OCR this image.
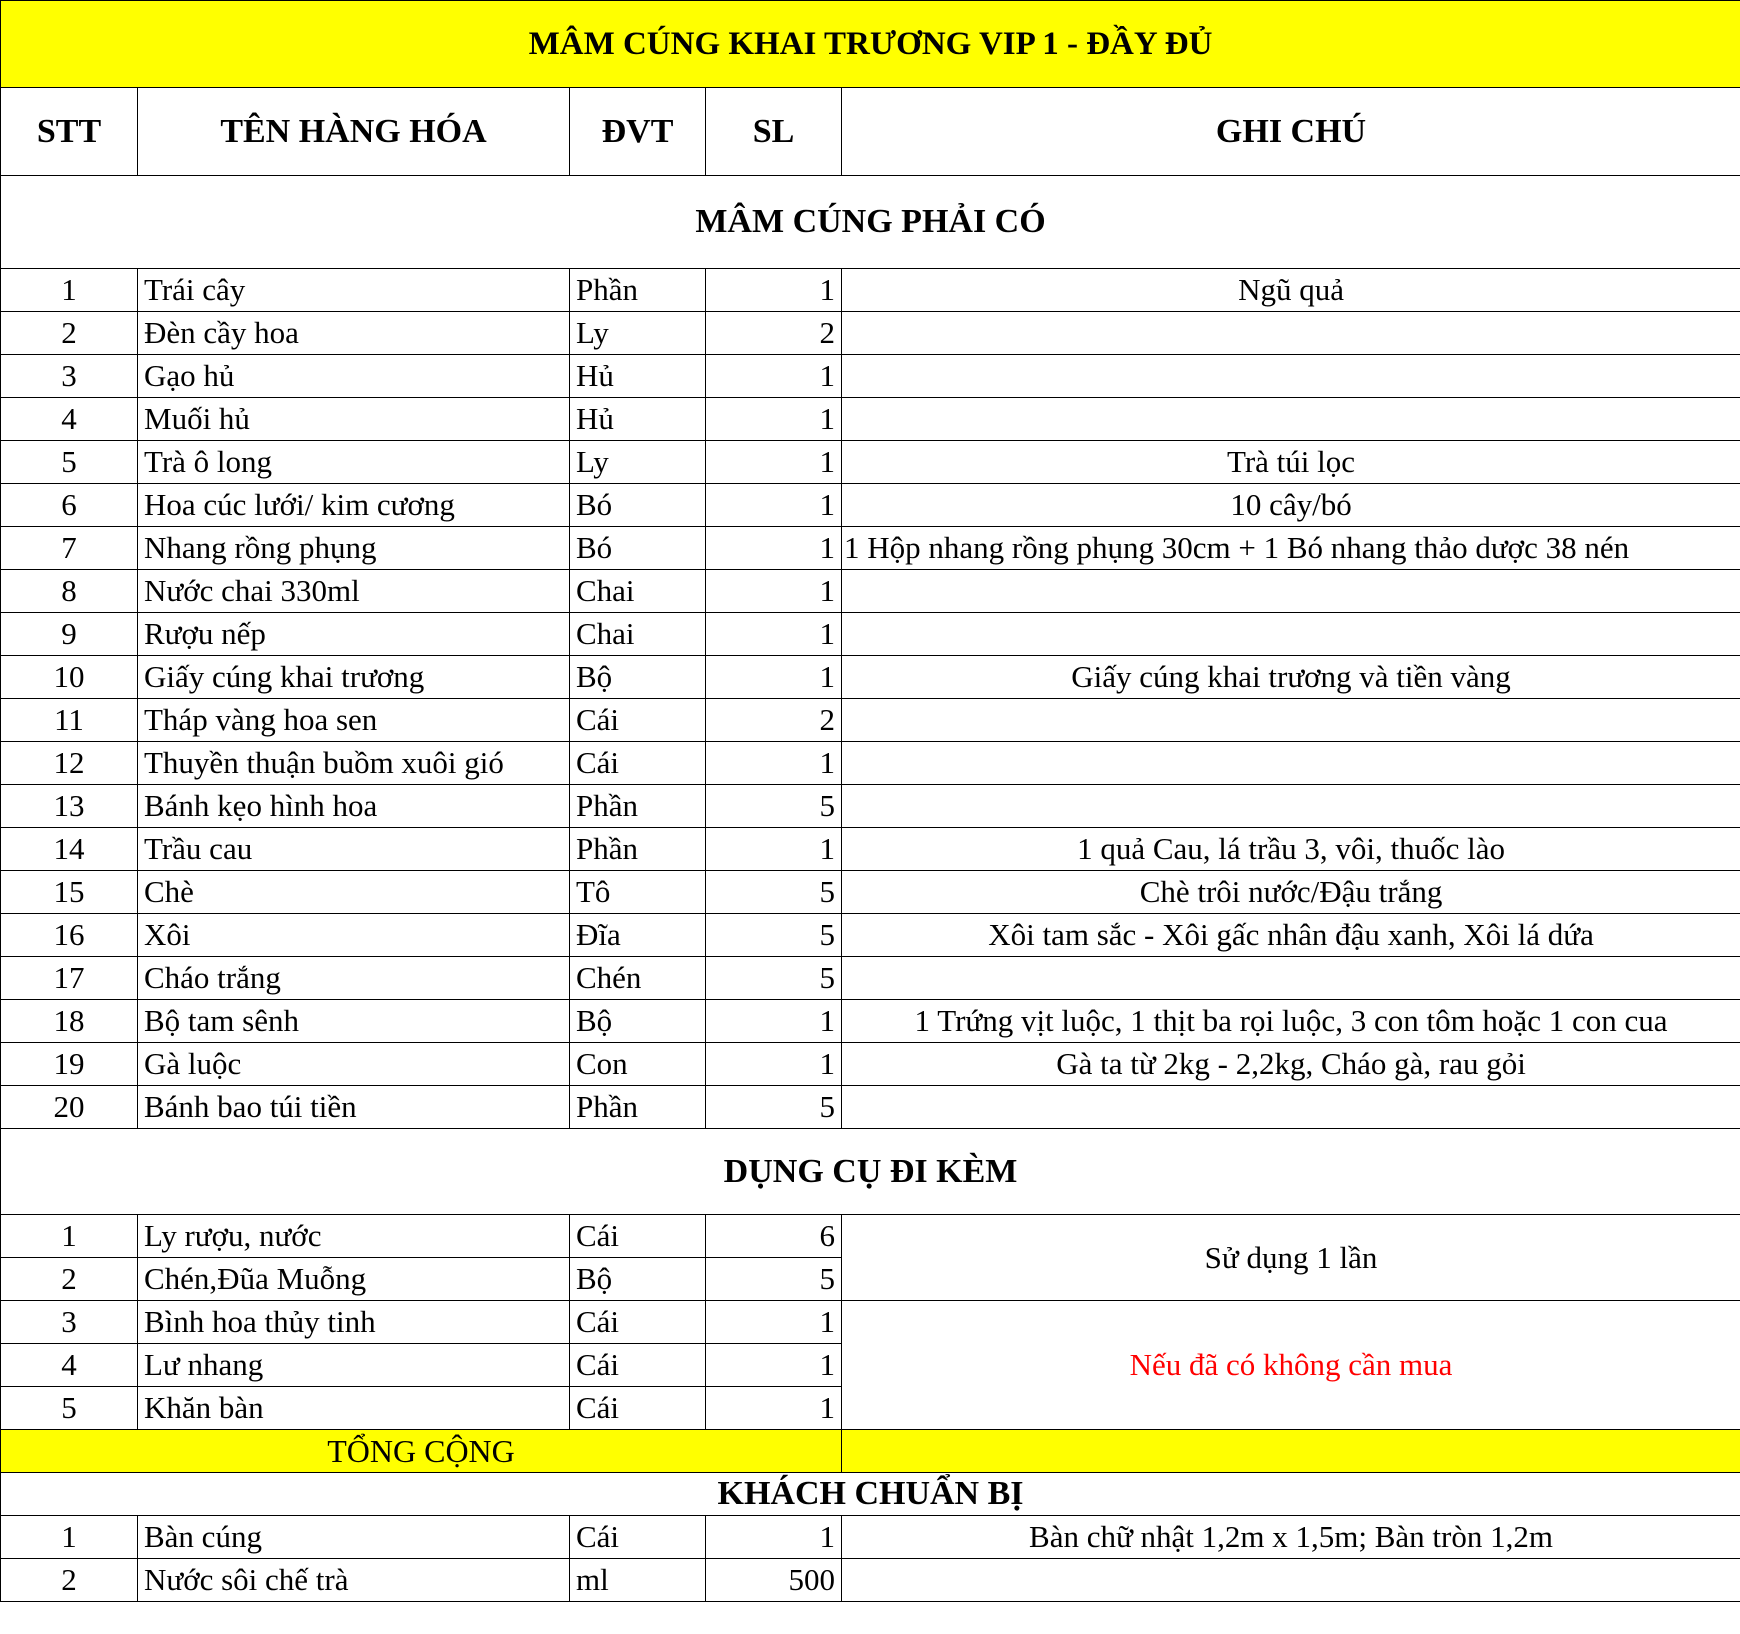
MÂM CÚNG KHAI TRƯƠNG VIP 1 - ĐẦY ĐỦ				
STT	TÊN HÀNG HÓA	ĐVT	SL	GHI CHÚ
MÂM CÚNG PHẢI CÓ				
1	Trái cây	Phần	1	Ngũ quả
2	Đèn cầy hoa	Ly	2	
3	Gạo hủ	Hủ	1	
4	Muối hủ	Hủ	1	
5	Trà ô long	Ly	1	Trà túi lọc
6	Hoa cúc lưới/ kim cương	Bó	1	10 cây/bó
7	Nhang rồng phụng	Bó	1	1 Hộp nhang rồng phụng 30cm + 1 Bó nhang thảo dược 38 nén
8	Nước chai 330ml	Chai	1	
9	Rượu nếp	Chai	1	
10	Giấy cúng khai trương	Bộ	1	Giấy cúng khai trương và tiền vàng
11	Tháp vàng hoa sen	Cái	2	
12	Thuyền thuận buồm xuôi gió	Cái	1	
13	Bánh kẹo hình hoa	Phần	5	
14	Trầu cau	Phần	1	1 quả Cau, lá trầu 3, vôi, thuốc lào
15	Chè	Tô	5	Chè trôi nước/Đậu trắng
16	Xôi	Đĩa	5	Xôi tam sắc - Xôi gấc nhân đậu xanh, Xôi lá dứa
17	Cháo trắng	Chén	5	
18	Bộ tam sênh	Bộ	1	1 Trứng vịt luộc, 1 thịt ba rọi luộc, 3 con tôm hoặc 1 con cua
19	Gà luộc	Con	1	Gà ta từ 2kg - 2,2kg, Cháo gà, rau gỏi
20	Bánh bao túi tiền	Phần	5	
DỤNG CỤ ĐI KÈM				
1	Ly rượu, nước	Cái	6	Sử dụng 1 lần
2	Chén,Đũa Muỗng	Bộ	5	
3	Bình hoa thủy tinh	Cái	1	Nếu đã có không cần mua
4	Lư nhang	Cái	1	
5	Khăn bàn	Cái	1	
TỔNG CỘNG				
KHÁCH CHUẨN BỊ				
1	Bàn cúng	Cái	1	Bàn chữ nhật 1,2m x 1,5m; Bàn tròn 1,2m
2	Nước sôi chế trà	ml	500	
